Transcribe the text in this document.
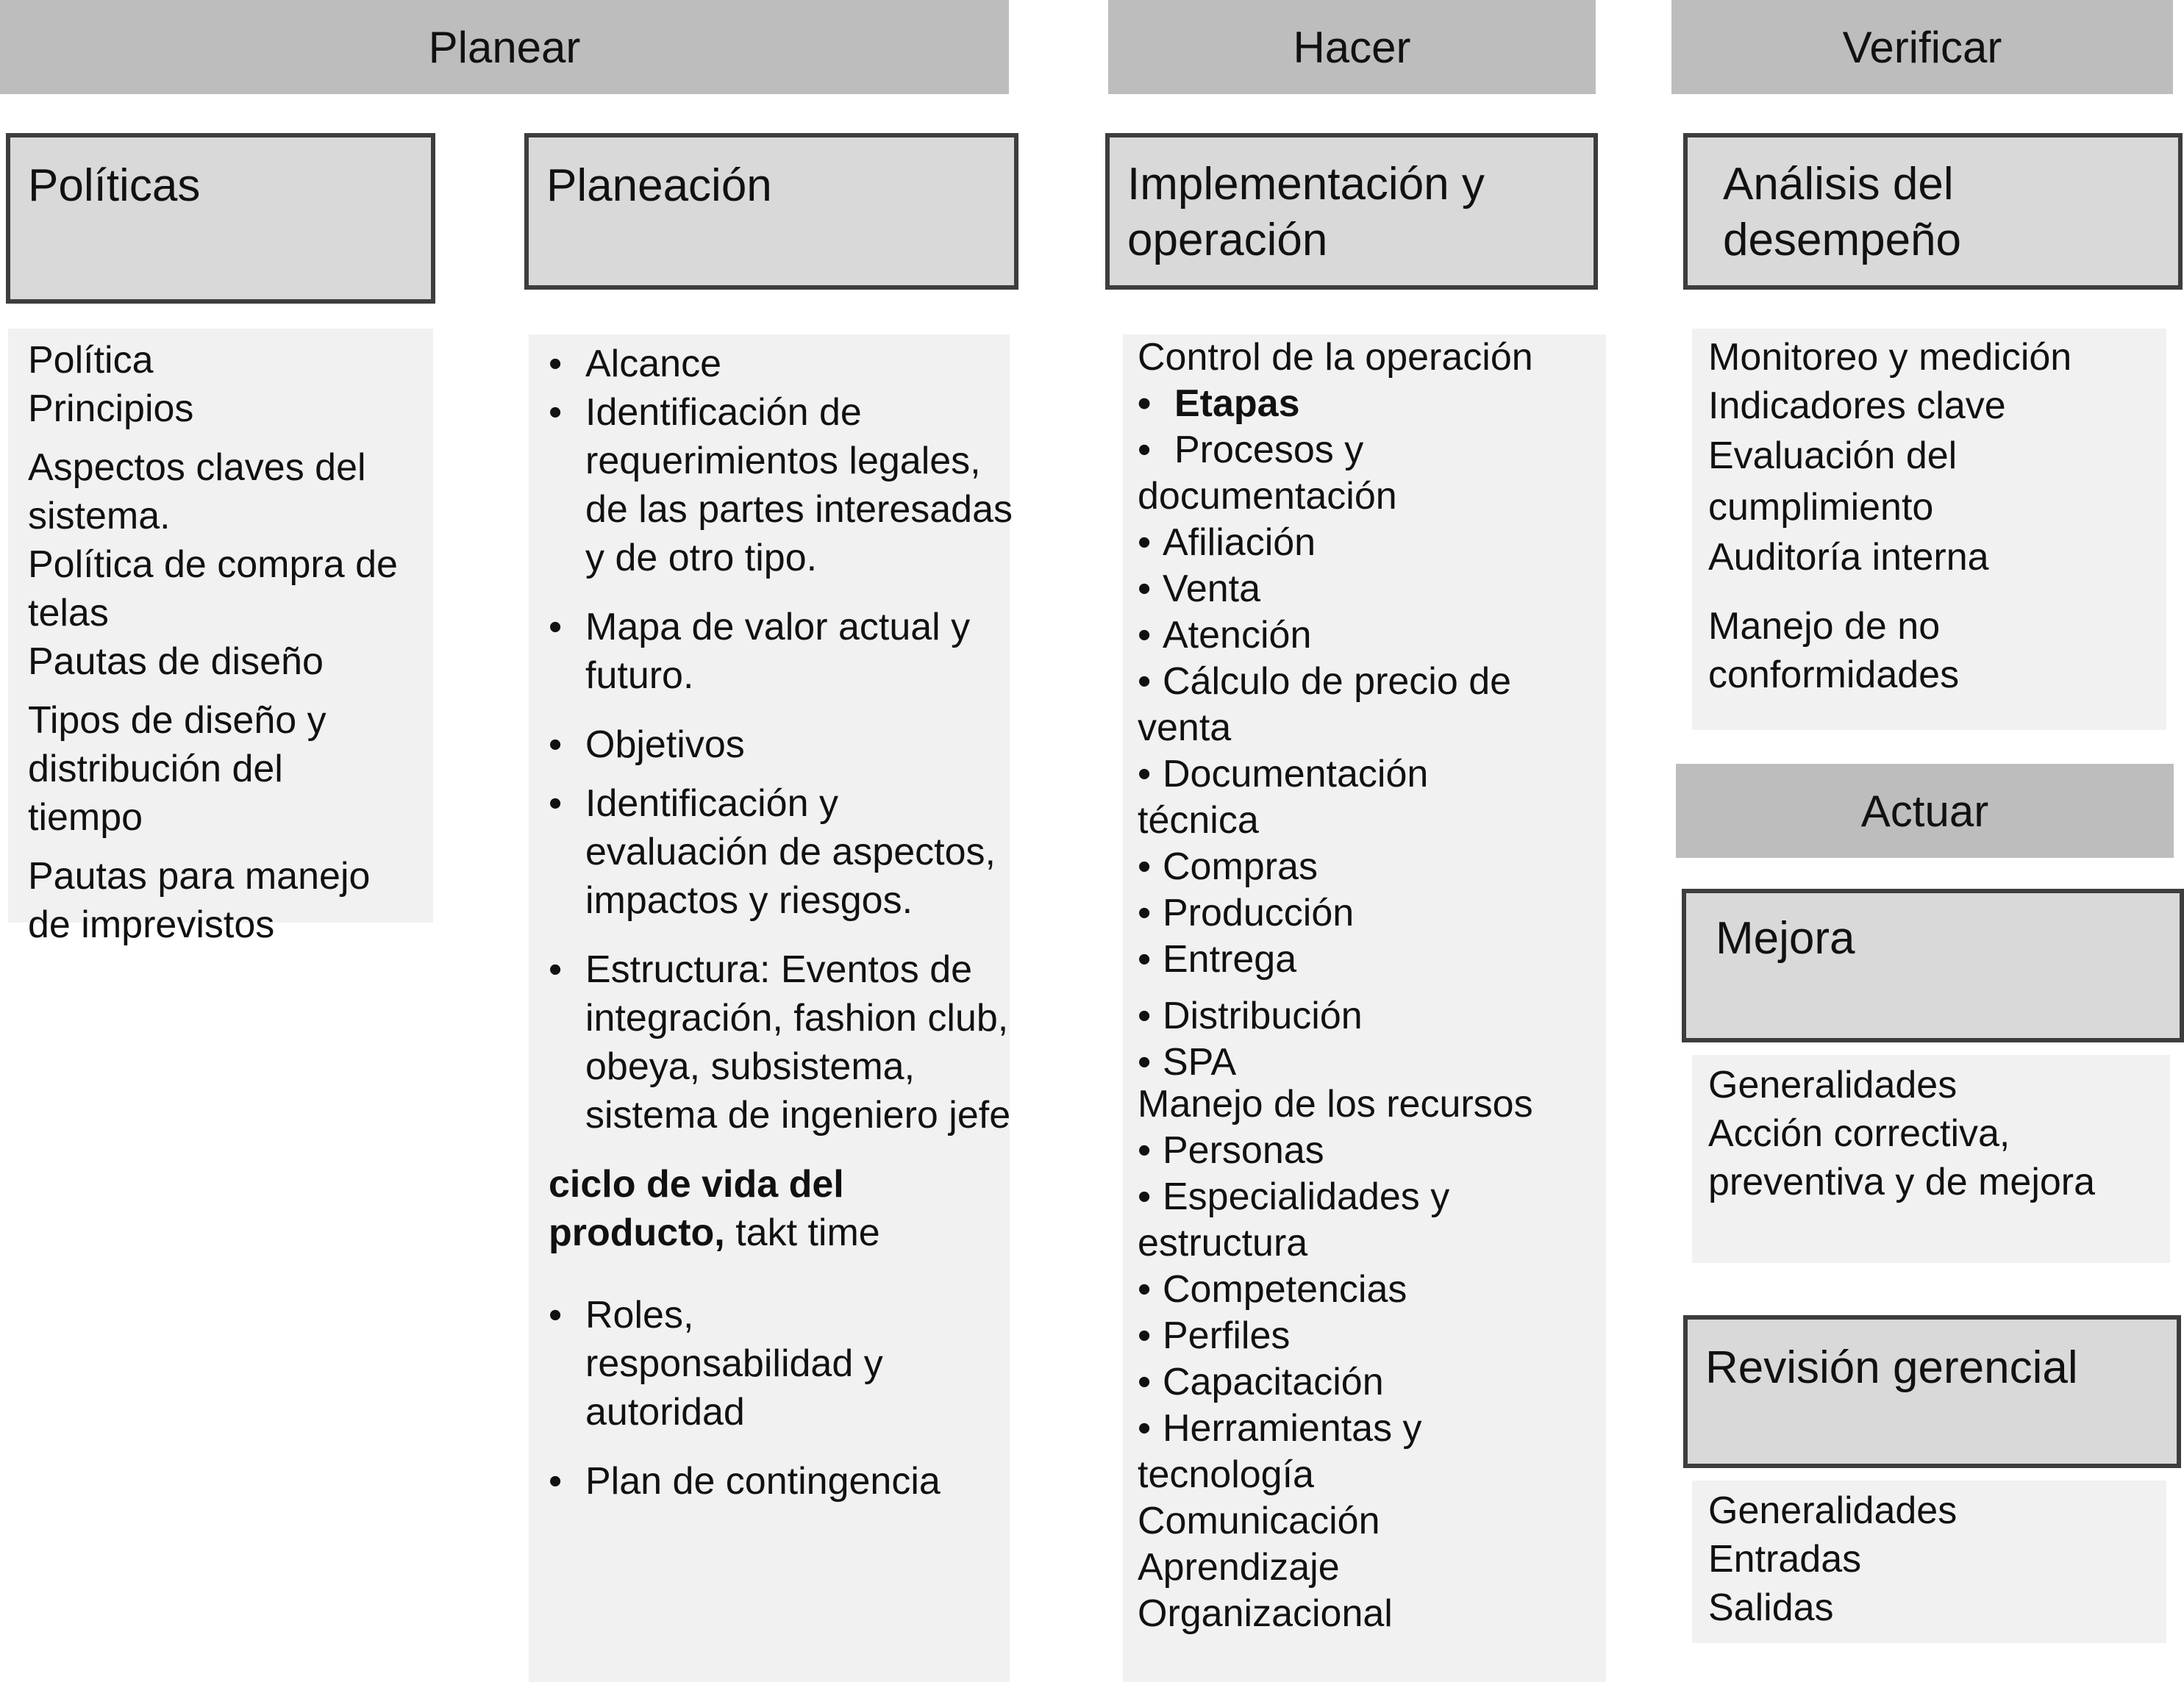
Planear	Hacer	Verificar
Actuar
Políticas
Política
Principios
Aspectos claves del sistema.
Política de compra de telas
Pautas de diseño
Tipos de diseño y distribución del tiempo
Pautas para manejo de imprevistos
Planeación
• Alcance
• Identificación de requerimientos legales, de las partes interesadas y de otro tipo.
• Mapa de valor actual y futuro.
• Objetivos
• Identificación y evaluación de aspectos, impactos y riesgos.
• Estructura: Eventos de integración, fashion club, obeya, subsistema, sistema de ingeniero jefe
ciclo de vida del producto, takt time
• Roles, responsabilidad y autoridad
• Plan de contingencia
Implementación y operación
Control de la operación
• Etapas
• Procesos y documentación
• Afiliación
• Venta
• Atención
• Cálculo de precio de venta
• Documentación técnica
• Compras
• Producción
• Entrega
• Distribución
• SPA
Manejo de los recursos
• Personas
• Especialidades y estructura
• Competencias
• Perfiles
• Capacitación
• Herramientas y tecnología
Comunicación
Aprendizaje Organizacional
Análisis del desempeño
Monitoreo y medición
Indicadores clave
Evaluación del cumplimiento
Auditoría interna
Manejo de no conformidades
Mejora
Generalidades
Acción correctiva, preventiva y de mejora
Revisión gerencial
Generalidades
Entradas
Salidas
